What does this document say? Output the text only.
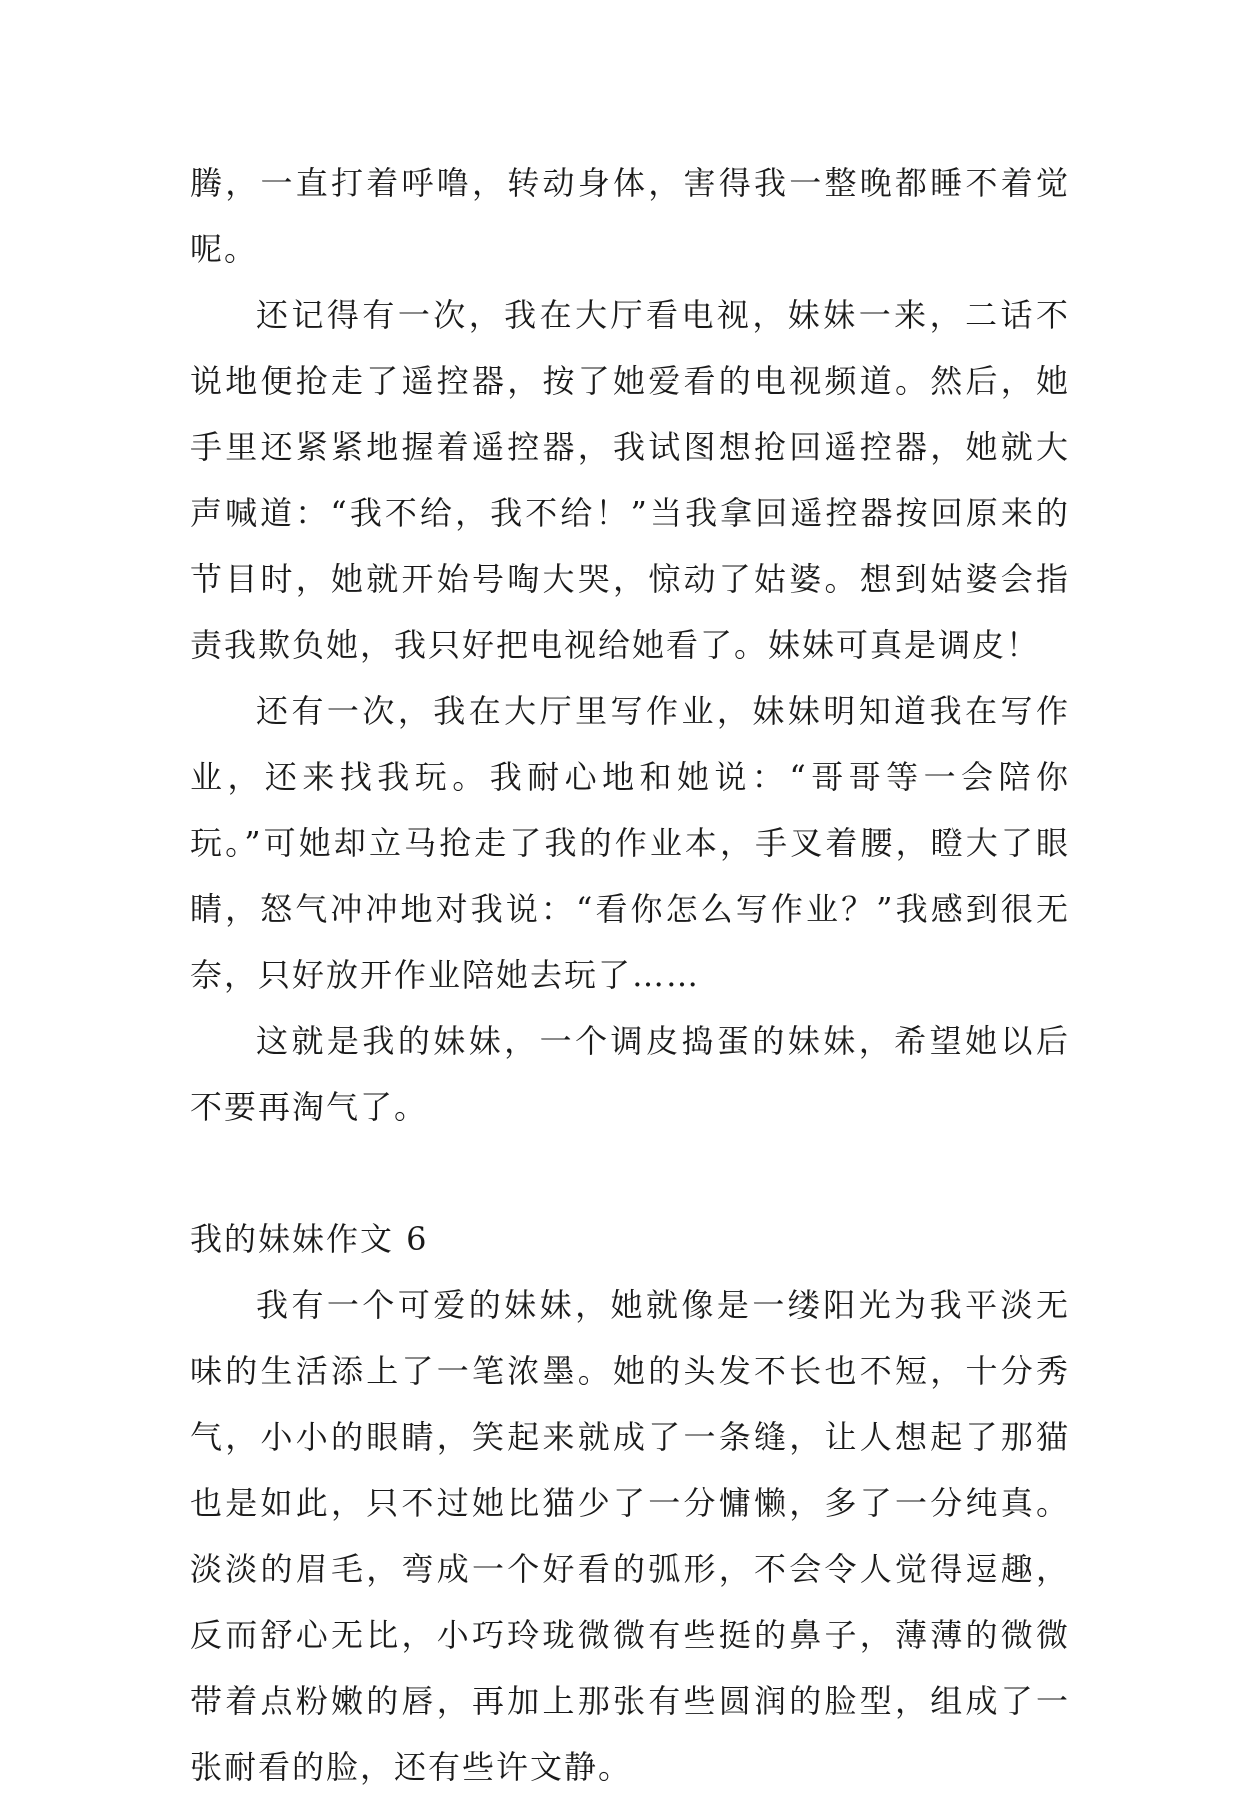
腾，一直打着呼噜，转动身体，害得我一整晚都睡不着觉呢。

还记得有一次，我在大厅看电视，妹妹一来，二话不说地便抢走了遥控器，按了她爱看的电视频道。然后，她手里还紧紧地握着遥控器，我试图想抢回遥控器，她就大声喊道：“我不给，我不给！”当我拿回遥控器按回原来的节目时，她就开始号啕大哭，惊动了姑婆。想到姑婆会指责我欺负她，我只好把电视给她看了。妹妹可真是调皮！

还有一次，我在大厅里写作业，妹妹明知道我在写作业，还来找我玩。我耐心地和她说：“哥哥等一会陪你玩。”可她却立马抢走了我的作业本，手叉着腰，瞪大了眼睛，怒气冲冲地对我说：“看你怎么写作业？”我感到很无奈，只好放开作业陪她去玩了……

这就是我的妹妹，一个调皮捣蛋的妹妹，希望她以后不要再淘气了。

我的妹妹作文 6

我有一个可爱的妹妹，她就像是一缕阳光为我平淡无味的生活添上了一笔浓墨。她的头发不长也不短，十分秀气，小小的眼睛，笑起来就成了一条缝，让人想起了那猫也是如此，只不过她比猫少了一分慵懒，多了一分纯真。淡淡的眉毛，弯成一个好看的弧形，不会令人觉得逗趣，反而舒心无比，小巧玲珑微微有些挺的鼻子，薄薄的微微带着点粉嫩的唇，再加上那张有些圆润的脸型，组成了一张耐看的脸，还有些许文静。
